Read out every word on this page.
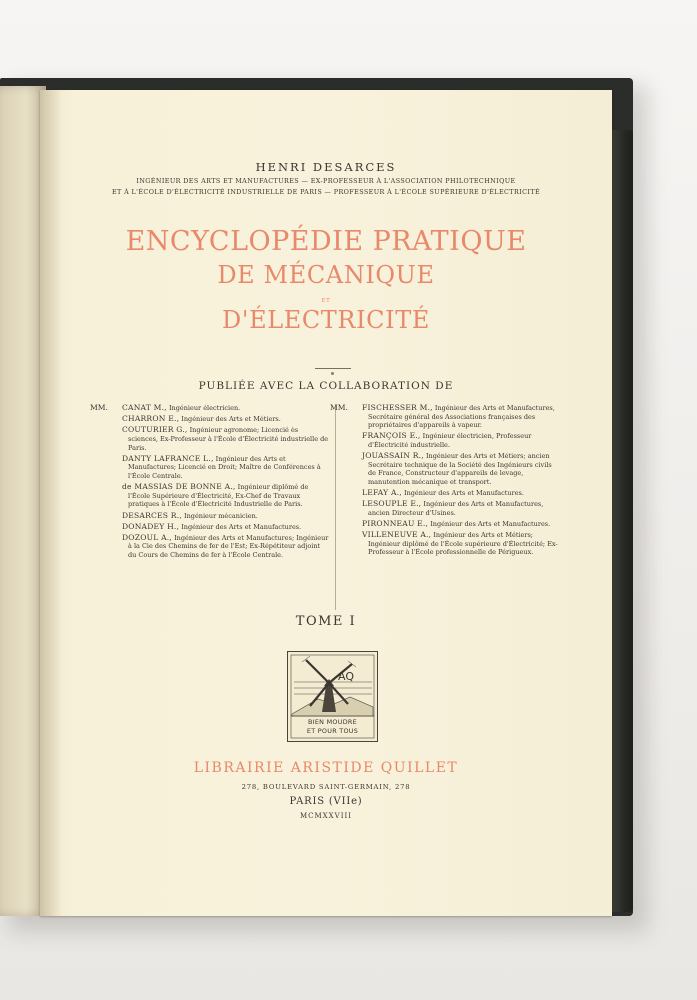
HENRI DESARCES
INGÉNIEUR DES ARTS ET MANUFACTURES — EX-PROFESSEUR À L'ASSOCIATION PHILOTECHNIQUE
ET À L'ÉCOLE D'ÉLECTRICITÉ INDUSTRIELLE DE PARIS — PROFESSEUR À L'ÉCOLE SUPÉRIEURE D'ÉLECTRICITÉ
ENCYCLOPÉDIE PRATIQUE
DE MÉCANIQUE
ET
D'ÉLECTRICITÉ
PUBLIÉE AVEC LA COLLABORATION DE
MM. CANAT M., Ingénieur électricien.
CHARRON E., Ingénieur des Arts et Métiers.
COUTURIER G., Ingénieur agronome; Licencié ès sciences, Ex-Professeur à l'École d'Électricité industrielle de Paris.
DANTY LAFRANCE L., Ingénieur des Arts et Manufactures; Licencié en Droit; Maître de Conférences à l'École Centrale.
de MASSIAS DE BONNE A., Ingénieur diplômé de l'École Supérieure d'Électricité, Ex-Chef de Travaux pratiques à l'École d'Électricité Industrielle de Paris.
DESARCES R., Ingénieur mécanicien.
DONADEY H., Ingénieur des Arts et Manufactures.
DOZOUL A., Ingénieur des Arts et Manufactures; Ingénieur à la Cie des Chemins de fer de l'Est; Ex-Répétiteur adjoint du Cours de Chemins de fer à l'École Centrale.
MM. FISCHESSER M., Ingénieur des Arts et Manufactures, Secrétaire général des Associations françaises des propriétaires d'appareils à vapeur.
FRANÇOIS E., Ingénieur électricien, Professeur d'Électricité industrielle.
JOUASSAIN R., Ingénieur des Arts et Métiers; ancien Secrétaire technique de la Société des Ingénieurs civils de France, Constructeur d'appareils de levage, manutention mécanique et transport.
LEFAY A., Ingénieur des Arts et Manufactures.
LESOUPLE E., Ingénieur des Arts et Manufactures, ancien Directeur d'Usines.
PIRONNEAU E., Ingénieur des Arts et Manufactures.
VILLENEUVE A., Ingénieur des Arts et Métiers; Ingénieur diplômé de l'École supérieure d'Électricité; Ex-Professeur à l'École professionnelle de Périgueux.
TOME I
AQ
BIEN MOUDRE
ET POUR TOUS
LIBRAIRIE ARISTIDE QUILLET
278, BOULEVARD SAINT-GERMAIN, 278
PARIS (VIIe)
MCMXXVIII
